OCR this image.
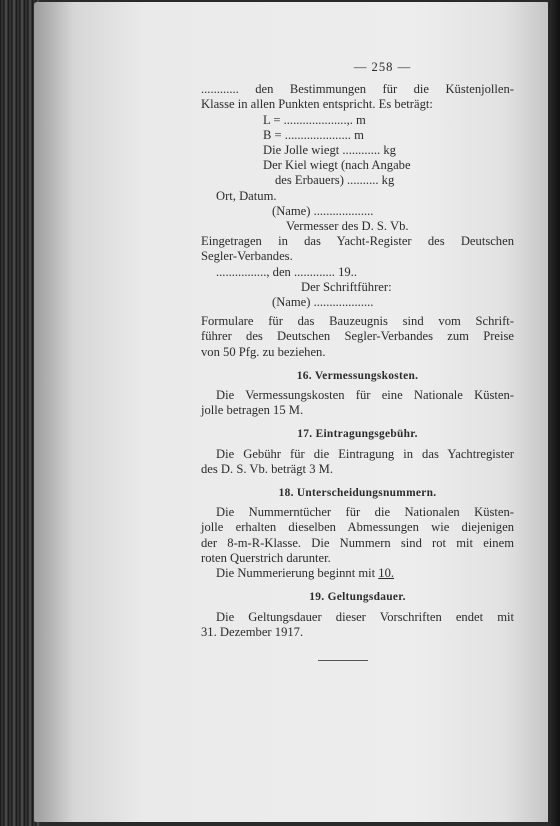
— 258 —
............ den Bestimmungen für die Küstenjollen-
Klasse in allen Punkten entspricht. Es beträgt:
L = ....................,. m
B = ..................... m
Die Jolle wiegt ............ kg
Der Kiel wiegt (nach Angabe
des Erbauers) .......... kg
Ort, Datum.
(Name) ...................
Vermesser des D. S. Vb.
Eingetragen in das Yacht-Register des Deutschen
Segler-Verbandes.
................, den ............. 19..
Der Schriftführer:
(Name) ...................
Formulare für das Bauzeugnis sind vom Schrift-
führer des Deutschen Segler-Verbandes zum Preise
von 50 Pfg. zu beziehen.
16. Vermessungskosten.
Die Vermessungskosten für eine Nationale Küsten-
jolle betragen 15 M.
17. Eintragungsgebühr.
Die Gebühr für die Eintragung in das Yachtregister
des D. S. Vb. beträgt 3 M.
18. Unterscheidungsnummern.
Die Nummerntücher für die Nationalen Küsten-
jolle erhalten dieselben Abmessungen wie diejenigen
der 8-m-R-Klasse. Die Nummern sind rot mit einem
roten Querstrich darunter.
Die Nummerierung beginnt mit 10.
19. Geltungsdauer.
Die Geltungsdauer dieser Vorschriften endet mit
31. Dezember 1917.
